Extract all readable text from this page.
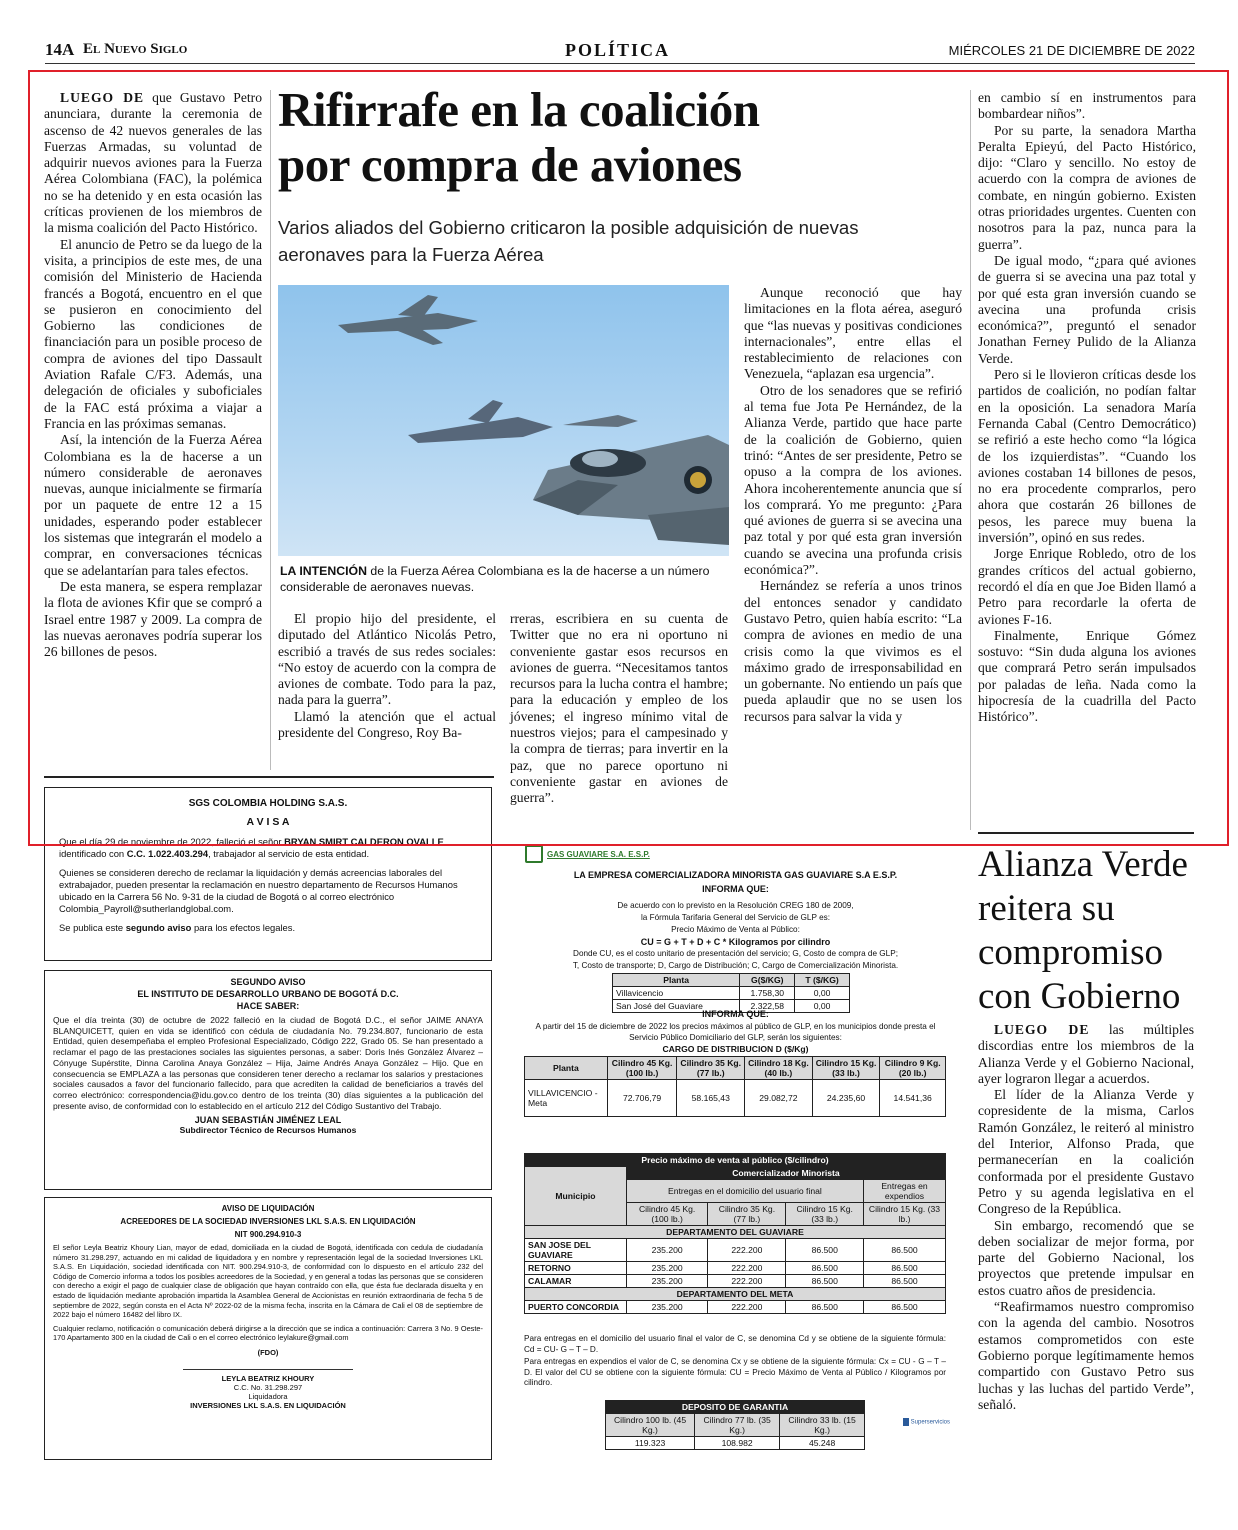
14A El Nuevo Siglo	POLÍTICA	MIÉRCOLES 21 DE DICIEMBRE DE 2022

LUEGO DE que Gustavo Petro anunciara, durante la ceremonia de ascenso de 42 nuevos generales de las Fuerzas Armadas, su voluntad de adquirir nuevos aviones para la Fuerza Aérea Colombiana (FAC), la polémica no se ha detenido y en esta ocasión las críticas provienen de los miembros de la misma coalición del Pacto Histórico.

El anuncio de Petro se da luego de la visita, a principios de este mes, de una comisión del Ministerio de Hacienda francés a Bogotá, encuentro en el que se pusieron en conocimiento del Gobierno las condiciones de financiación para un posible proceso de compra de aviones del tipo Dassault Aviation Rafale C/F3. Además, una delegación de oficiales y suboficiales de la FAC está próxima a viajar a Francia en las próximas semanas.

Así, la intención de la Fuerza Aérea Colombiana es la de hacerse a un número considerable de aeronaves nuevas, aunque inicialmente se firmaría por un paquete de entre 12 a 15 unidades, esperando poder establecer los sistemas que integrarán el modelo a comprar, en conversaciones técnicas que se adelantarían para tales efectos.

De esta manera, se espera remplazar la flota de aviones Kfir que se compró a Israel entre 1987 y 2009. La compra de las nuevas aeronaves podría superar los 26 billones de pesos.

Rifirrafe en la coalición por compra de aviones
Varios aliados del Gobierno criticaron la posible adquisición de nuevas aeronaves para la Fuerza Aérea
LA INTENCIÓN de la Fuerza Aérea Colombiana es la de hacerse a un número considerable de aeronaves nuevas.

El propio hijo del presidente, el diputado del Atlántico Nicolás Petro, escribió a través de sus redes sociales: “No estoy de acuerdo con la compra de aviones de combate. Todo para la paz, nada para la guerra”.

Llamó la atención que el actual presidente del Congreso, Roy Ba-

rreras, escribiera en su cuenta de Twitter que no era ni oportuno ni conveniente gastar esos recursos en aviones de guerra. “Necesitamos tantos recursos para la lucha contra el hambre; para la educación y empleo de los jóvenes; el ingreso mínimo vital de nuestros viejos; para el campesinado y la compra de tierras; para invertir en la paz, que no parece oportuno ni conveniente gastar en aviones de guerra”.

Aunque reconoció que hay limitaciones en la flota aérea, aseguró que “las nuevas y positivas condiciones internacionales”, entre ellas el restablecimiento de relaciones con Venezuela, “aplazan esa urgencia”.

Otro de los senadores que se refirió al tema fue Jota Pe Hernández, de la Alianza Verde, partido que hace parte de la coalición de Gobierno, quien trinó: “Antes de ser presidente, Petro se opuso a la compra de los aviones. Ahora incoherentemente anuncia que sí los comprará. Yo me pregunto: ¿Para qué aviones de guerra si se avecina una paz total y por qué esta gran inversión cuando se avecina una profunda crisis económica?”.

Hernández se refería a unos trinos del entonces senador y candidato Gustavo Petro, quien había escrito: “La compra de aviones en medio de una crisis como la que vivimos es el máximo grado de irresponsabilidad en un gobernante. No entiendo un país que pueda aplaudir que no se usen los recursos para salvar la vida y

en cambio sí en instrumentos para bombardear niños”.

Por su parte, la senadora Martha Peralta Epieyú, del Pacto Histórico, dijo: “Claro y sencillo. No estoy de acuerdo con la compra de aviones de combate, en ningún gobierno. Existen otras prioridades urgentes. Cuenten con nosotros para la paz, nunca para la guerra”.

De igual modo, “¿para qué aviones de guerra si se avecina una paz total y por qué esta gran inversión cuando se avecina una profunda crisis económica?”, preguntó el senador Jonathan Ferney Pulido de la Alianza Verde.

Pero si le llovieron críticas desde los partidos de coalición, no podían faltar en la oposición. La senadora María Fernanda Cabal (Centro Democrático) se refirió a este hecho como “la lógica de los izquierdistas”. “Cuando los aviones costaban 14 billones de pesos, no era procedente comprarlos, pero ahora que costarán 26 billones de pesos, les parece muy buena la inversión”, opinó en sus redes.

Jorge Enrique Robledo, otro de los grandes críticos del actual gobierno, recordó el día en que Joe Biden llamó a Petro para recordarle la oferta de aviones F-16.

Finalmente, Enrique Gómez sostuvo: “Sin duda alguna los aviones que comprará Petro serán impulsados por paladas de leña. Nada como la hipocresía de la cuadrilla del Pacto Histórico”.

Alianza Verde reitera su compromiso con Gobierno

LUEGO DE las múltiples discordias entre los miembros de la Alianza Verde y el Gobierno Nacional, ayer lograron llegar a acuerdos.

El líder de la Alianza Verde y copresidente de la misma, Carlos Ramón González, le reiteró al ministro del Interior, Alfonso Prada, que permanecerían en la coalición conformada por el presidente Gustavo Petro y su agenda legislativa en el Congreso de la República.

Sin embargo, recomendó que se deben socializar de mejor forma, por parte del Gobierno Nacional, los proyectos que pretende impulsar en estos cuatro años de presidencia.

“Reafirmamos nuestro compromiso con la agenda del cambio. Nosotros estamos comprometidos con este Gobierno porque legítimamente hemos compartido con Gustavo Petro sus luchas y las luchas del partido Verde”, señaló.

SGS COLOMBIA HOLDING S.A.S.
A V I S A
Que el día 29 de noviembre de 2022, falleció el señor BRYAN SMIRT CALDERON OVALLE identificado con C.C. 1.022.403.294, trabajador al servicio de esta entidad.
Quienes se consideren derecho de reclamar la liquidación y demás acreencias laborales del extrabajador, pueden presentar la reclamación en nuestro departamento de Recursos Humanos ubicado en la Carrera 56 No. 9-31 de la ciudad de Bogotá o al correo electrónico Colombia_Payroll@sutherlandglobal.com.
Se publica este segundo aviso para los efectos legales.
SEGUNDO AVISO
EL INSTITUTO DE DESARROLLO URBANO DE BOGOTÁ D.C.
HACE SABER:
Que el día treinta (30) de octubre de 2022 falleció en la ciudad de Bogotá D.C., el señor JAIME ANAYA BLANQUICETT, quien en vida se identificó con cédula de ciudadanía No. 79.234.807, funcionario de esta Entidad, quien desempeñaba el empleo Profesional Especializado, Código 222, Grado 05. Se han presentado a reclamar el pago de las prestaciones sociales las siguientes personas, a saber: Doris Inés González Álvarez – Cónyuge Supérstite, Dinna Carolina Anaya González – Hija, Jaime Andrés Anaya González – Hijo. Que en consecuencia se EMPLAZA a las personas que consideren tener derecho a reclamar los salarios y prestaciones sociales causados a favor del funcionario fallecido, para que acrediten la calidad de beneficiarios a través del correo electrónico: correspondencia@idu.gov.co dentro de los treinta (30) días siguientes a la publicación del presente aviso, de conformidad con lo establecido en el artículo 212 del Código Sustantivo del Trabajo.
JUAN SEBASTIÁN JIMÉNEZ LEAL
Subdirector Técnico de Recursos Humanos
AVISO DE LIQUIDACIÓN
ACREEDORES DE LA SOCIEDAD INVERSIONES LKL S.A.S. EN LIQUIDACIÓN
NIT 900.294.910-3
El señor Leyla Beatriz Khoury Lian, mayor de edad, domiciliada en la ciudad de Bogotá, identificada con cedula de ciudadanía número 31.298.297, actuando en mi calidad de liquidadora y en nombre y representación legal de la sociedad Inversiones LKL S.A.S. En Liquidación, sociedad identificada con NIT. 900.294.910-3, de conformidad con lo dispuesto en el artículo 232 del Código de Comercio informa a todos los posibles acreedores de la Sociedad, y en general a todas las personas que se consideren con derecho a exigir el pago de cualquier clase de obligación que hayan contraído con ella, que ésta fue declarada disuelta y en estado de liquidación mediante aprobación impartida la Asamblea General de Accionistas en reunión extraordinaria de fecha 5 de septiembre de 2022, según consta en el Acta Nº 2022-02 de la misma fecha, inscrita en la Cámara de Cali el 08 de septiembre de 2022 bajo el número 16482 del libro IX.
Cualquier reclamo, notificación o comunicación deberá dirigirse a la dirección que se indica a continuación: Carrera 3 No. 9 Oeste-170 Apartamento 300 en la ciudad de Cali o en el correo electrónico leylakure@gmail.com
(FDO)
LEYLA BEATRIZ KHOURY
C.C. No. 31.298.297
Liquidadora
INVERSIONES LKL S.A.S. EN LIQUIDACIÓN
GAS GUAVIARE S.A. E.S.P.
LA EMPRESA COMERCIALIZADORA MINORISTA GAS GUAVIARE S.A E.S.P.
INFORMA QUE:
De acuerdo con lo previsto en la Resolución CREG 180 de 2009,
la Fórmula Tarifaria General del Servicio de GLP es:
Precio Máximo de Venta al Público:
CU = G + T + D + C * Kilogramos por cilindro
Donde CU, es el costo unitario de presentación del servicio; G, Costo de compra de GLP;
T, Costo de transporte; D, Cargo de Distribución; C, Cargo de Comercialización Minorista.
Planta	G($/KG)	T ($/KG)
Villavicencio	1.758,30	0,00
San José del Guaviare	2.322,58	0,00
INFORMA QUE:
A partir del 15 de diciembre de 2022 los precios máximos al público de GLP, en los municipios donde presta el Servicio Público Domiciliario del GLP, serán los siguientes:
CARGO DE DISTRIBUCION D ($/Kg)
Planta	Cilindro 45 Kg. (100 lb.)	Cilindro 35 Kg. (77 lb.)	Cilindro 18 Kg. (40 lb.)	Cilindro 15 Kg. (33 lb.)	Cilindro 9 Kg. (20 lb.)
VILLAVICENCIO - Meta	72.706,79	58.165,43	29.082,72	24.235,60	14.541,36
Precio máximo de venta al público ($/cilindro)				
Municipio	Comercializador Minorista			
	Entregas en el domicilio del usuario final			Entregas en expendios
	Cilindro 45 Kg. (100 lb.)	Cilindro 35 Kg. (77 lb.)	Cilindro 15 Kg. (33 lb.)	Cilindro 15 Kg. (33 lb.)
DEPARTAMENTO DEL GUAVIARE				
SAN JOSE DEL GUAVIARE	235.200	222.200	86.500	86.500
RETORNO	235.200	222.200	86.500	86.500
CALAMAR	235.200	222.200	86.500	86.500
DEPARTAMENTO DEL META				
PUERTO CONCORDIA	235.200	222.200	86.500	86.500
Para entregas en el domicilio del usuario final el valor de C, se denomina Cd y se obtiene de la siguiente fórmula: Cd = CU- G – T – D.
Para entregas en expendios el valor de C, se denomina Cx y se obtiene de la siguiente fórmula: Cx = CU - G – T – D. El valor del CU se obtiene con la siguiente fórmula: CU = Precio Máximo de Venta al Público / Kilogramos por cilindro.
DEPOSITO DE GARANTIA		
Cilindro 100 lb. (45 Kg.)	Cilindro 77 lb. (35 Kg.)	Cilindro 33 lb. (15 Kg.)
119.323	108.982	45.248
Superservicios
